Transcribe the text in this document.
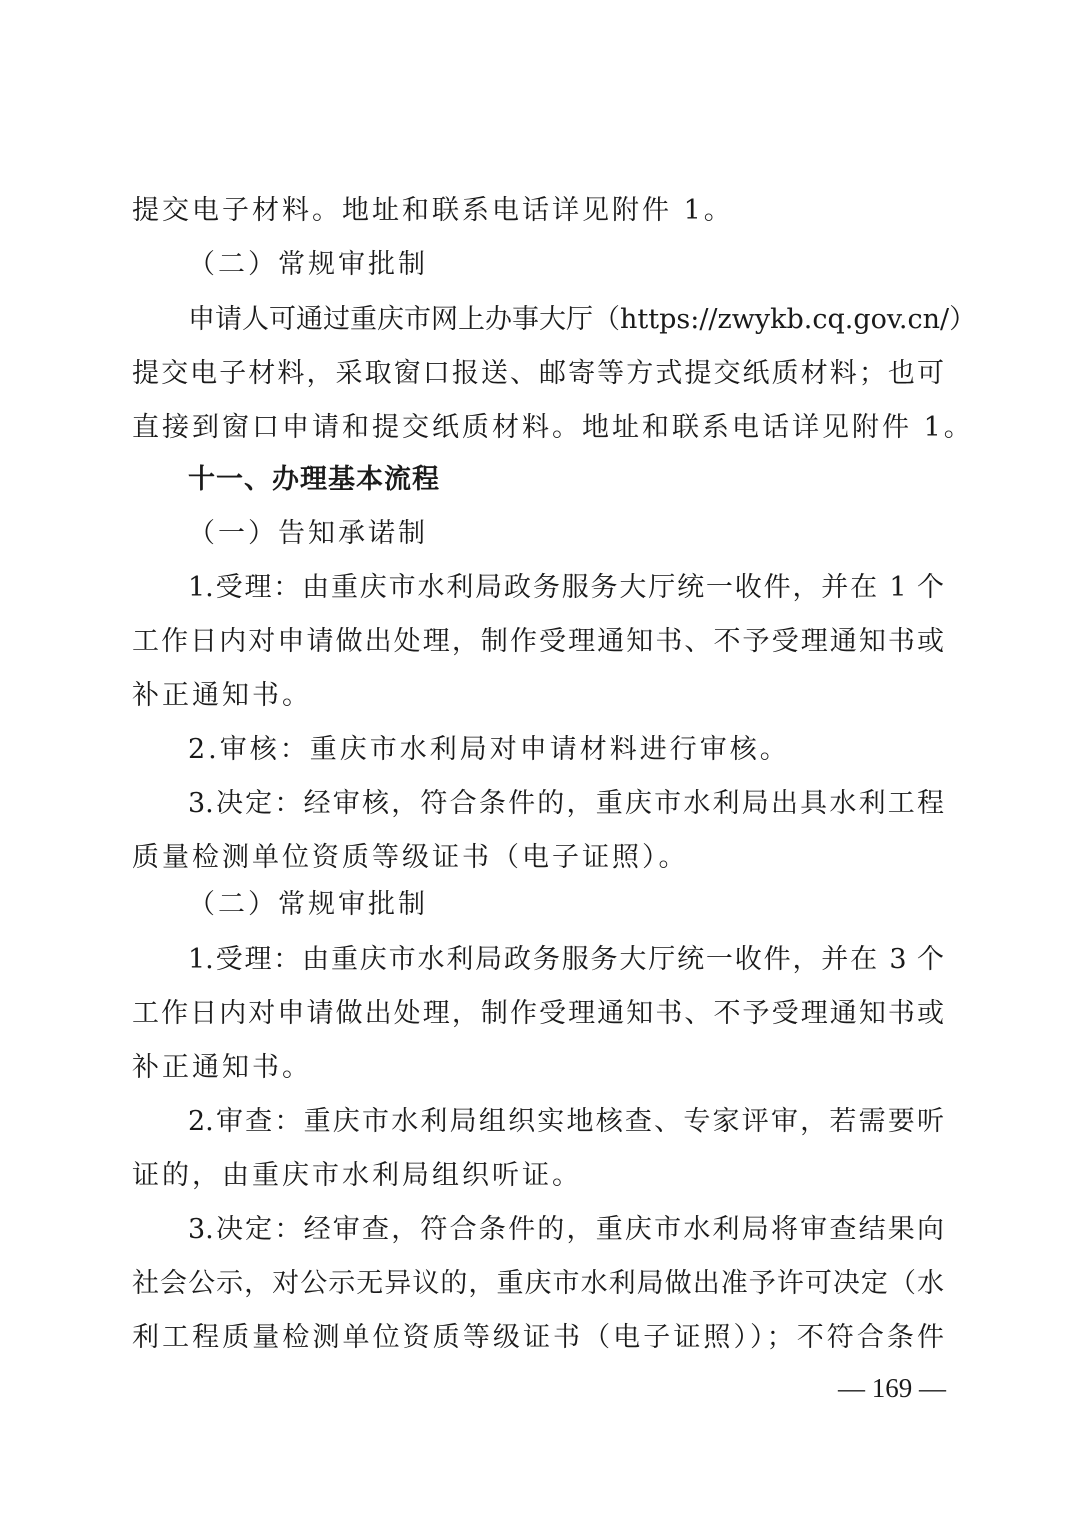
提交电子材料。地址和联系电话详见附件 1。
（二）常规审批制
申请人可通过重庆市网上办事大厅（https://zwykb.cq.gov.cn/）
提交电子材料，采取窗口报送、邮寄等方式提交纸质材料；也可
直接到窗口申请和提交纸质材料。地址和联系电话详见附件 1。
十一、办理基本流程
（一）告知承诺制
1.受理：由重庆市水利局政务服务大厅统一收件，并在 1 个
工作日内对申请做出处理，制作受理通知书、不予受理通知书或
补正通知书。
2.审核：重庆市水利局对申请材料进行审核。
3.决定：经审核，符合条件的，重庆市水利局出具水利工程
质量检测单位资质等级证书（电子证照）。
（二）常规审批制
1.受理：由重庆市水利局政务服务大厅统一收件，并在 3 个
工作日内对申请做出处理，制作受理通知书、不予受理通知书或
补正通知书。
2.审查：重庆市水利局组织实地核查、专家评审，若需要听
证的，由重庆市水利局组织听证。
3.决定：经审查，符合条件的，重庆市水利局将审查结果向
社会公示，对公示无异议的，重庆市水利局做出准予许可决定（水
利工程质量检测单位资质等级证书（电子证照））；不符合条件
— 169 —
